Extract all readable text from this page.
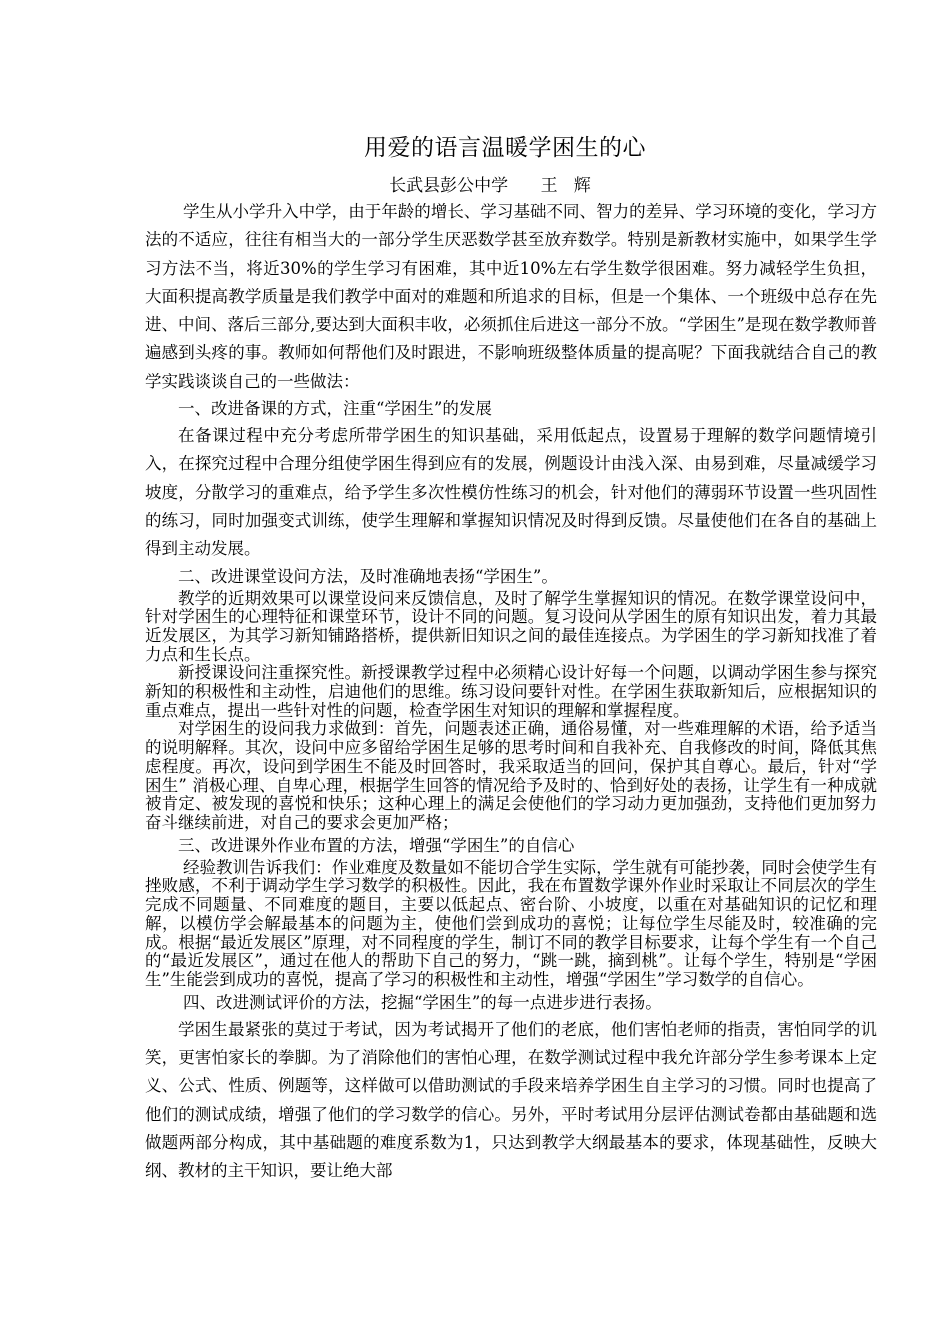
用爱的语言温暖学困生的心
长武县彭公中学      王   辉

学生从小学升入中学，由于年龄的增长、学习基础不同、智力的差异、学习环境的变化，学习方法的不适应，往往有相当大的一部分学生厌恶数学甚至放弃数学。特别是新教材实施中，如果学生学习方法不当，将近30%的学生学习有困难，其中近10%左右学生数学很困难。努力减轻学生负担，大面积提高教学质量是我们教学中面对的难题和所追求的目标，但是一个集体、一个班级中总存在先进、中间、落后三部分,要达到大面积丰收，必须抓住后进这一部分不放。“学困生”是现在数学教师普遍感到头疼的事。教师如何帮他们及时跟进，不影响班级整体质量的提高呢？下面我就结合自己的教学实践谈谈自己的一些做法：

一、改进备课的方式，注重“学困生”的发展

在备课过程中充分考虑所带学困生的知识基础，采用低起点，设置易于理解的数学问题情境引入，在探究过程中合理分组使学困生得到应有的发展，例题设计由浅入深、由易到难，尽量减缓学习坡度，分散学习的重难点，给予学生多次性模仿性练习的机会，针对他们的薄弱环节设置一些巩固性的练习，同时加强变式训练，使学生理解和掌握知识情况及时得到反馈。尽量使他们在各自的基础上得到主动发展。

二、改进课堂设问方法，及时准确地表扬“学困生”。

教学的近期效果可以课堂设问来反馈信息，及时了解学生掌握知识的情况。在数学课堂设问中，针对学困生的心理特征和课堂环节，设计不同的问题。复习设问从学困生的原有知识出发，着力其最近发展区，为其学习新知铺路搭桥，提供新旧知识之间的最佳连接点。为学困生的学习新知找准了着力点和生长点。

新授课设问注重探究性。新授课教学过程中必须精心设计好每一个问题，以调动学困生参与探究新知的积极性和主动性，启迪他们的思维。练习设问要针对性。在学困生获取新知后，应根据知识的重点难点，提出一些针对性的问题，检查学困生对知识的理解和掌握程度。

对学困生的设问我力求做到：首先，问题表述正确，通俗易懂，对一些难理解的术语，给予适当的说明解释。其次，设问中应多留给学困生足够的思考时间和自我补充、自我修改的时间，降低其焦虑程度。再次，设问到学困生不能及时回答时，我采取适当的回问，保护其自尊心。最后，针对“学困生” 消极心理、自卑心理，根据学生回答的情况给予及时的、恰到好处的表扬，让学生有一种成就被肯定、被发现的喜悦和快乐；这种心理上的满足会使他们的学习动力更加强劲，支持他们更加努力奋斗继续前进，对自己的要求会更加严格；

三、改进课外作业布置的方法，增强“学困生”的自信心

经验教训告诉我们：作业难度及数量如不能切合学生实际，学生就有可能抄袭，同时会使学生有挫败感，不利于调动学生学习数学的积极性。因此，我在布置数学课外作业时采取让不同层次的学生完成不同题量、不同难度的题目，主要以低起点、密台阶、小坡度，以重在对基础知识的记忆和理解，以模仿学会解最基本的问题为主，使他们尝到成功的喜悦；让每位学生尽能及时，较准确的完成。根据“最近发展区”原理，对不同程度的学生，制订不同的教学目标要求，让每个学生有一个自己的“最近发展区”，通过在他人的帮助下自己的努力，“跳一跳，摘到桃”。让每个学生，特别是“学困生”生能尝到成功的喜悦，提高了学习的积极性和主动性，增强“学困生”学习数学的自信心。

四、改进测试评价的方法，挖掘“学困生”的每一点进步进行表扬。

学困生最紧张的莫过于考试，因为考试揭开了他们的老底，他们害怕老师的指责，害怕同学的讥笑，更害怕家长的拳脚。为了消除他们的害怕心理，在数学测试过程中我允许部分学生参考课本上定义、公式、性质、例题等，这样做可以借助测试的手段来培养学困生自主学习的习惯。同时也提高了他们的测试成绩，增强了他们的学习数学的信心。另外，平时考试用分层评估测试卷都由基础题和选做题两部分构成，其中基础题的难度系数为1，只达到教学大纲最基本的要求，体现基础性，反映大纲、教材的主干知识，要让绝大部
